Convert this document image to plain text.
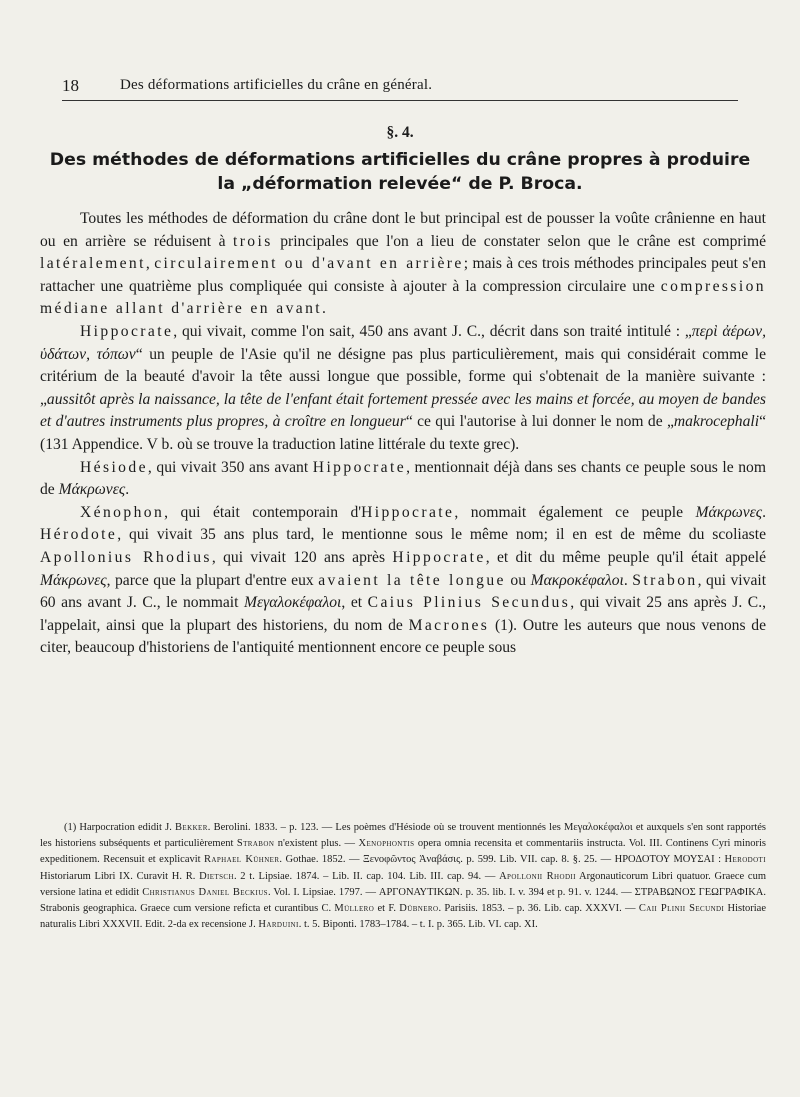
18	Des déformations artificielles du crâne en général.
§. 4.
Des méthodes de déformations artificielles du crâne propres à produire
la „déformation relevée“ de P. Broca.

Toutes les méthodes de déformation du crâne dont le but principal est de pousser la voûte crânienne en haut ou en arrière se réduisent à trois principales que l'on a lieu de constater selon que le crâne est comprimé latéralement, circulairement ou d'avant en arrière; mais à ces trois méthodes principales peut s'en rattacher une quatrième plus compliquée qui consiste à ajouter à la compression circulaire une compression médiane allant d'arrière en avant.

Hippocrate, qui vivait, comme l'on sait, 450 ans avant J. C., décrit dans son traité intitulé : „περὶ ἀέρων, ὑδάτων, τόπων“ un peuple de l'Asie qu'il ne désigne pas plus particulièrement, mais qui considérait comme le critérium de la beauté d'avoir la tête aussi longue que possible, forme qui s'obtenait de la manière suivante : „aussitôt après la naissance, la tête de l'enfant était fortement pressée avec les mains et forcée, au moyen de bandes et d'autres instruments plus propres, à croître en longueur“ ce qui l'autorise à lui donner le nom de „makrocephali“ (131 Appendice. V b. où se trouve la traduction latine littérale du texte grec).

Hésiode, qui vivait 350 ans avant Hippocrate, mentionnait déjà dans ses chants ce peuple sous le nom de Μάκρωνες.

Xénophon, qui était contemporain d'Hippocrate, nommait également ce peuple Μάκρωνες. Hérodote, qui vivait 35 ans plus tard, le mentionne sous le même nom; il en est de même du scoliaste Apollonius Rhodius, qui vivait 120 ans après Hippocrate, et dit du même peuple qu'il était appelé Μάκρωνες, parce que la plupart d'entre eux avaient la tête longue ou Μακροκέφαλοι. Strabon, qui vivait 60 ans avant J. C., le nommait Μεγαλοκέφαλοι, et Caius Plinius Secundus, qui vivait 25 ans après J. C., l'appelait, ainsi que la plupart des historiens, du nom de Macrones (1). Outre les auteurs que nous venons de citer, beaucoup d'historiens de l'antiquité mentionnent encore ce peuple sous

(1) Harpocration edidit J. Bekker. Berolini. 1833. – p. 123. — Les poèmes d'Hésiode où se trouvent mentionnés les Μεγαλοκέφαλοι et auxquels s'en sont rapportés les historiens subséquents et particulièrement Strabon n'existent plus. — Xenophontis opera omnia recensita et commentariis instructa. Vol. III. Continens Cyri minoris expeditionem. Recensuit et explicavit Raphael Kühner. Gothae. 1852. — Ξενοφῶντος Ἀναβάσις. p. 599. Lib. VII. cap. 8. §. 25. — ΗΡΟΔΟΤΟΥ ΜΟΥΣΑΙ : Herodoti Historiarum Libri IX. Curavit H. R. Dietsch. 2 t. Lipsiae. 1874. – Lib. II. cap. 104. Lib. III. cap. 94. — Apollonii Rhodii Argonauticorum Libri quatuor. Graece cum versione latina et edidit Christianus Daniel Beckius. Vol. I. Lipsiae. 1797. — ΑΡΓΟΝΑΥΤΙΚΩΝ. p. 35. lib. I. v. 394 et p. 91. v. 1244. — ΣΤΡΑΒΩΝΟΣ ΓΕΩΓΡΑΦΙΚΑ. Strabonis geographica. Graece cum versione reficta et curantibus C. Müllero et F. Dübnero. Parisiis. 1853. – p. 36. Lib. cap. XXXVI. — Caii Plinii Secundi Historiae naturalis Libri XXXVII. Edit. 2-da ex recensione J. Harduini. t. 5. Biponti. 1783–1784. – t. I. p. 365. Lib. VI. cap. XI.
